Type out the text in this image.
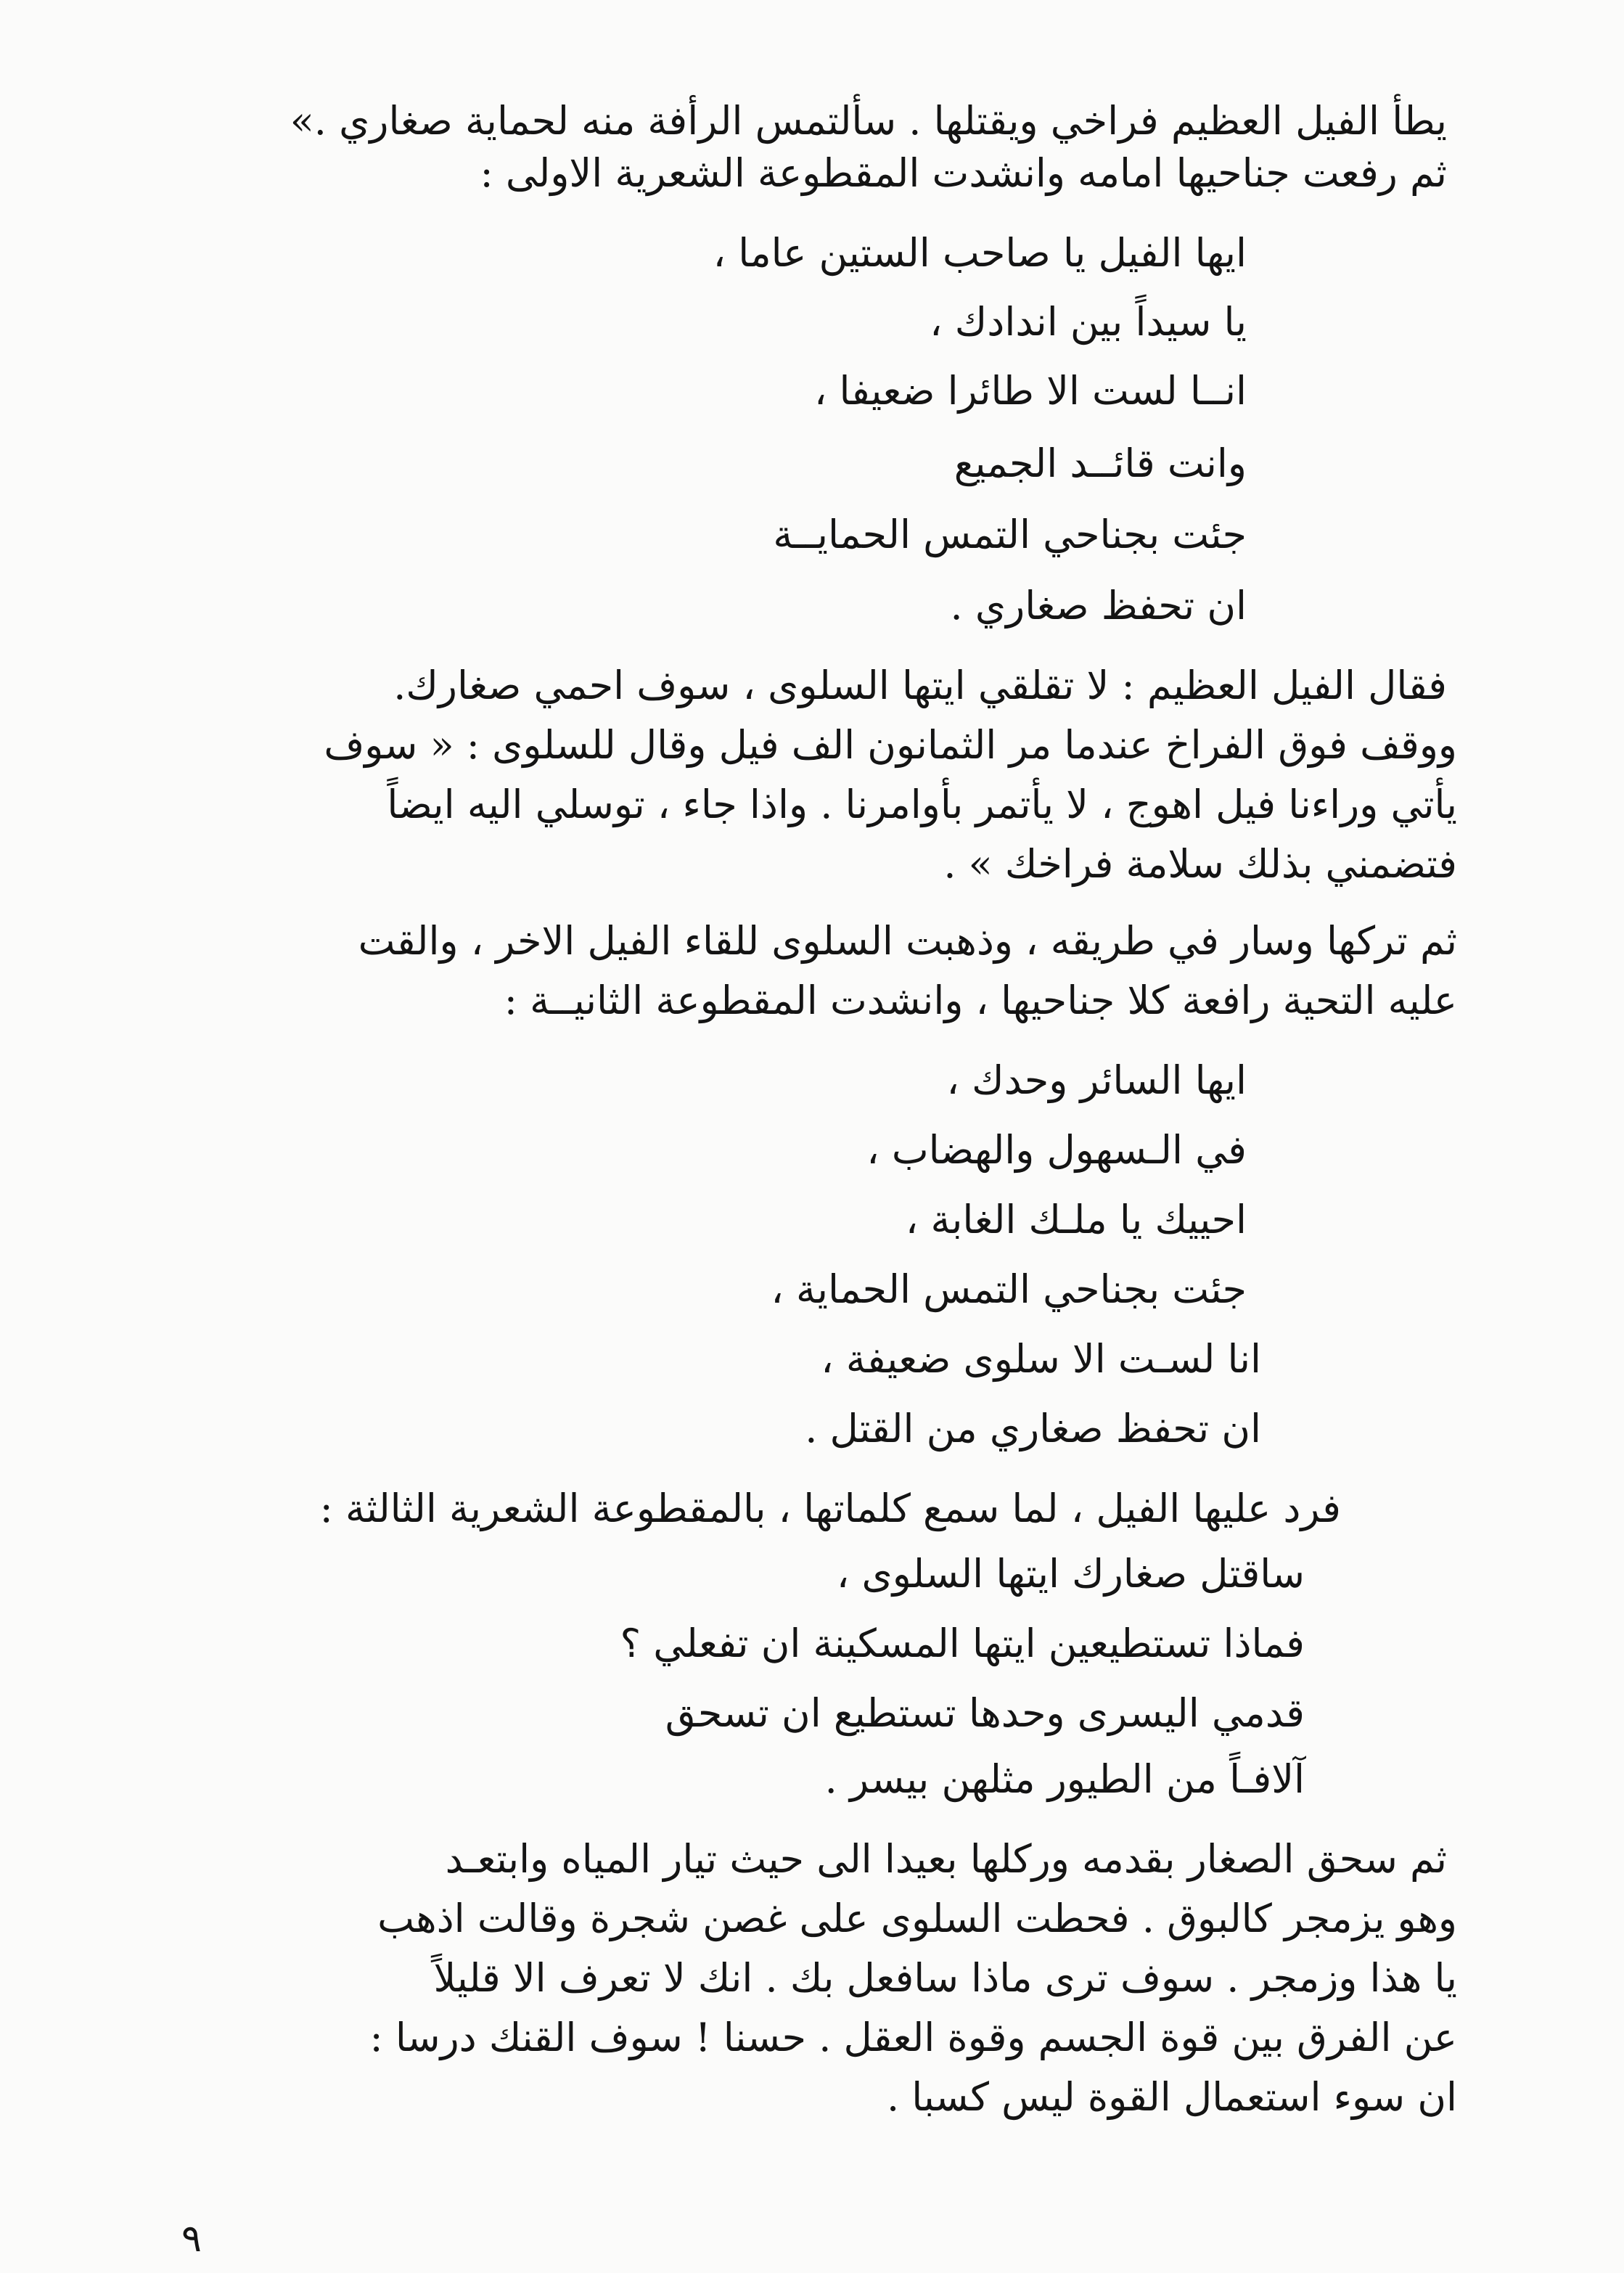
يطأ الفيل العظيم فراخي ويقتلها . سألتمس الرأفة منه لحماية صغاري .»
ثم رفعت جناحيها امامه وانشدت المقطوعة الشعرية الاولى :
ايها الفيل يا صاحب الستين عاما ،
يا سيداً بين اندادك ،
انــا لست الا طائرا ضعيفا ،
وانت قائــد الجميع
جئت بجناحي التمس الحمايــة
ان تحفظ صغاري .
فقال الفيل العظيم : لا تقلقي ايتها السلوى ، سوف احمي صغارك.
ووقف فوق الفراخ عندما مر الثمانون الف فيل وقال للسلوى : « سوف
يأتي وراءنا فيل اهوج ، لا يأتمر بأوامرنا . واذا جاء ، توسلي اليه ايضاً
فتضمني بذلك سلامة فراخك » .
ثم تركها وسار في طريقه ، وذهبت السلوى للقاء الفيل الاخر ، والقت
عليه التحية رافعة كلا جناحيها ، وانشدت المقطوعة الثانيــة :
ايها السائر وحدك ،
في الـسهول والهضاب ،
احييك يا ملـك الغابة ،
جئت بجناحي التمس الحماية ،
انا لسـت الا سلوى ضعيفة ،
ان تحفظ صغاري من القتل .
فرد عليها الفيل ، لما سمع كلماتها ، بالمقطوعة الشعرية الثالثة :
ساقتل صغارك ايتها السلوى ،
فماذا تستطيعين ايتها المسكينة ان تفعلي ؟
قدمي اليسرى وحدها تستطيع ان تسحق
آلافـاً من الطيور مثلهن بيسر .
ثم سحق الصغار بقدمه وركلها بعيدا الى حيث تيار المياه وابتعـد
وهو يزمجر كالبوق . فحطت السلوى على غصن شجرة وقالت اذهب
يا هذا وزمجر . سوف ترى ماذا سافعل بك . انك لا تعرف الا قليلاً
عن الفرق بين قوة الجسم وقوة العقل . حسنا ! سوف القنك درسا :
ان سوء استعمال القوة ليس كسبا .
٩
